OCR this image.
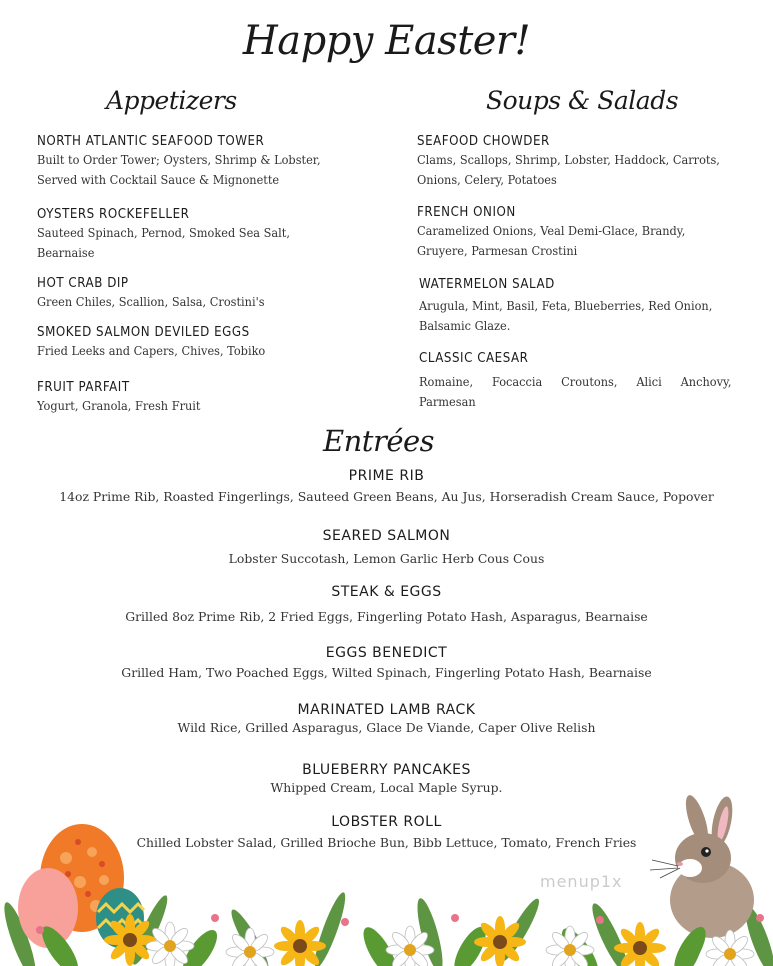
Happy Easter!
Appetizers
NORTH ATLANTIC SEAFOOD TOWER
Built to Order Tower; Oysters, Shrimp & Lobster,
Served with Cocktail Sauce & Mignonette
OYSTERS ROCKEFELLER
Sauteed Spinach, Pernod, Smoked Sea Salt,
Bearnaise
HOT CRAB DIP
Green Chiles, Scallion, Salsa, Crostini's
SMOKED SALMON DEVILED EGGS
Fried Leeks and Capers, Chives, Tobiko
FRUIT PARFAIT
Yogurt, Granola, Fresh Fruit
Soups & Salads
SEAFOOD CHOWDER
Clams, Scallops, Shrimp, Lobster, Haddock, Carrots,
Onions, Celery, Potatoes
FRENCH ONION
Caramelized Onions, Veal Demi-Glace, Brandy,
Gruyere, Parmesan Crostini
WATERMELON SALAD
Arugula, Mint, Basil, Feta, Blueberries, Red Onion,
Balsamic Glaze.
CLASSIC CAESAR
Romaine, Focaccia Croutons, Alici Anchovy,
Parmesan
Entrées
PRIME RIB
14oz Prime Rib, Roasted Fingerlings, Sauteed Green Beans, Au Jus, Horseradish Cream Sauce, Popover
SEARED SALMON
Lobster Succotash, Lemon Garlic Herb Cous Cous
STEAK & EGGS
Grilled 8oz Prime Rib, 2 Fried Eggs, Fingerling Potato Hash, Asparagus, Bearnaise
EGGS BENEDICT
Grilled Ham, Two Poached Eggs, Wilted Spinach, Fingerling Potato Hash, Bearnaise
MARINATED LAMB RACK
Wild Rice, Grilled Asparagus, Glace De Viande, Caper Olive Relish
BLUEBERRY PANCAKES
Whipped Cream, Local Maple Syrup.
LOBSTER ROLL
Chilled Lobster Salad, Grilled Brioche Bun, Bibb Lettuce, Tomato, French Fries
menup1x
